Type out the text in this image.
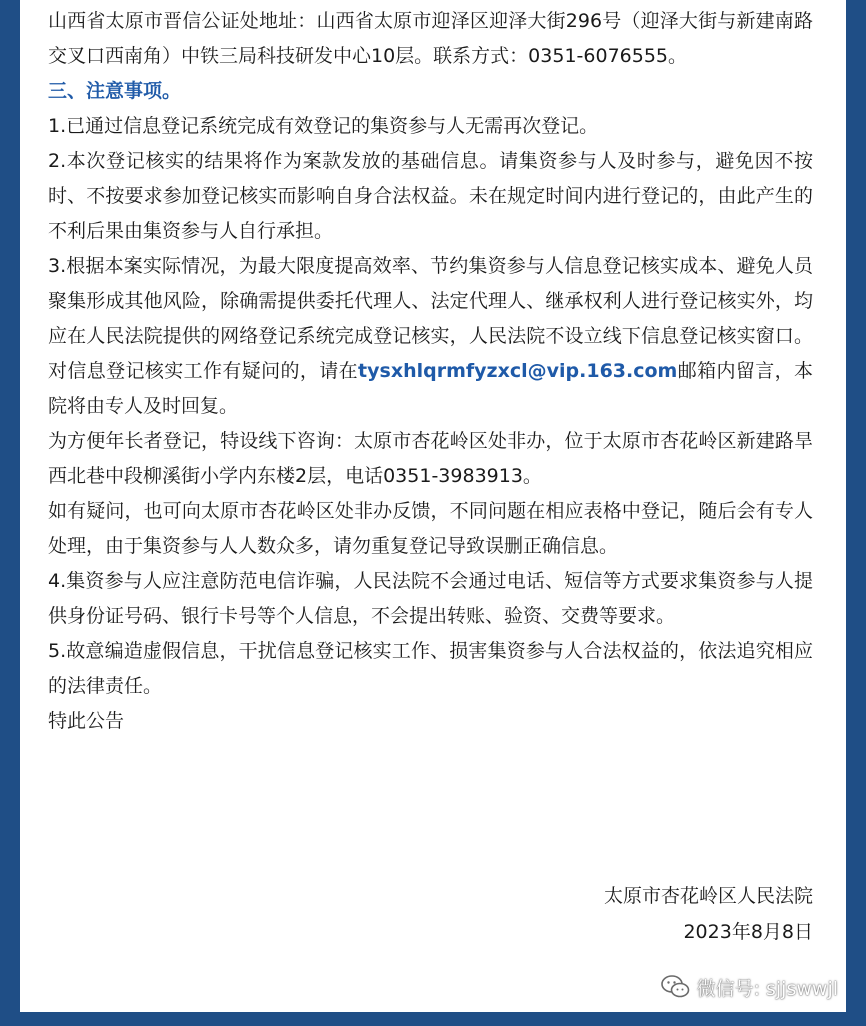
山西省太原市晋信公证处地址：山西省太原市迎泽区迎泽大街296号（迎泽大街与新建南路交叉口西南角）中铁三局科技研发中心10层。联系方式：0351-6076555。

三、注意事项。

1.已通过信息登记系统完成有效登记的集资参与人无需再次登记。

2.本次登记核实的结果将作为案款发放的基础信息。请集资参与人及时参与，避免因不按时、不按要求参加登记核实而影响自身合法权益。未在规定时间内进行登记的，由此产生的不利后果由集资参与人自行承担。

3.根据本案实际情况，为最大限度提高效率、节约集资参与人信息登记核实成本、避免人员聚集形成其他风险，除确需提供委托代理人、法定代理人、继承权利人进行登记核实外，均应在人民法院提供的网络登记系统完成登记核实，人民法院不设立线下信息登记核实窗口。对信息登记核实工作有疑问的，请在tysxhlqrmfyzxcl@vip.163.com邮箱内留言，本院将由专人及时回复。

为方便年长者登记，特设线下咨询：太原市杏花岭区处非办，位于太原市杏花岭区新建路旱西北巷中段柳溪街小学内东楼2层，电话0351-3983913。

如有疑问，也可向太原市杏花岭区处非办反馈，不同问题在相应表格中登记，随后会有专人处理，由于集资参与人人数众多，请勿重复登记导致误删正确信息。

4.集资参与人应注意防范电信诈骗，人民法院不会通过电话、短信等方式要求集资参与人提供身份证号码、银行卡号等个人信息，不会提出转账、验资、交费等要求。

5.故意编造虚假信息，干扰信息登记核实工作、损害集资参与人合法权益的，依法追究相应的法律责任。

特此公告

太原市杏花岭区人民法院
2023年8月8日
微信号: sjjswwjl
